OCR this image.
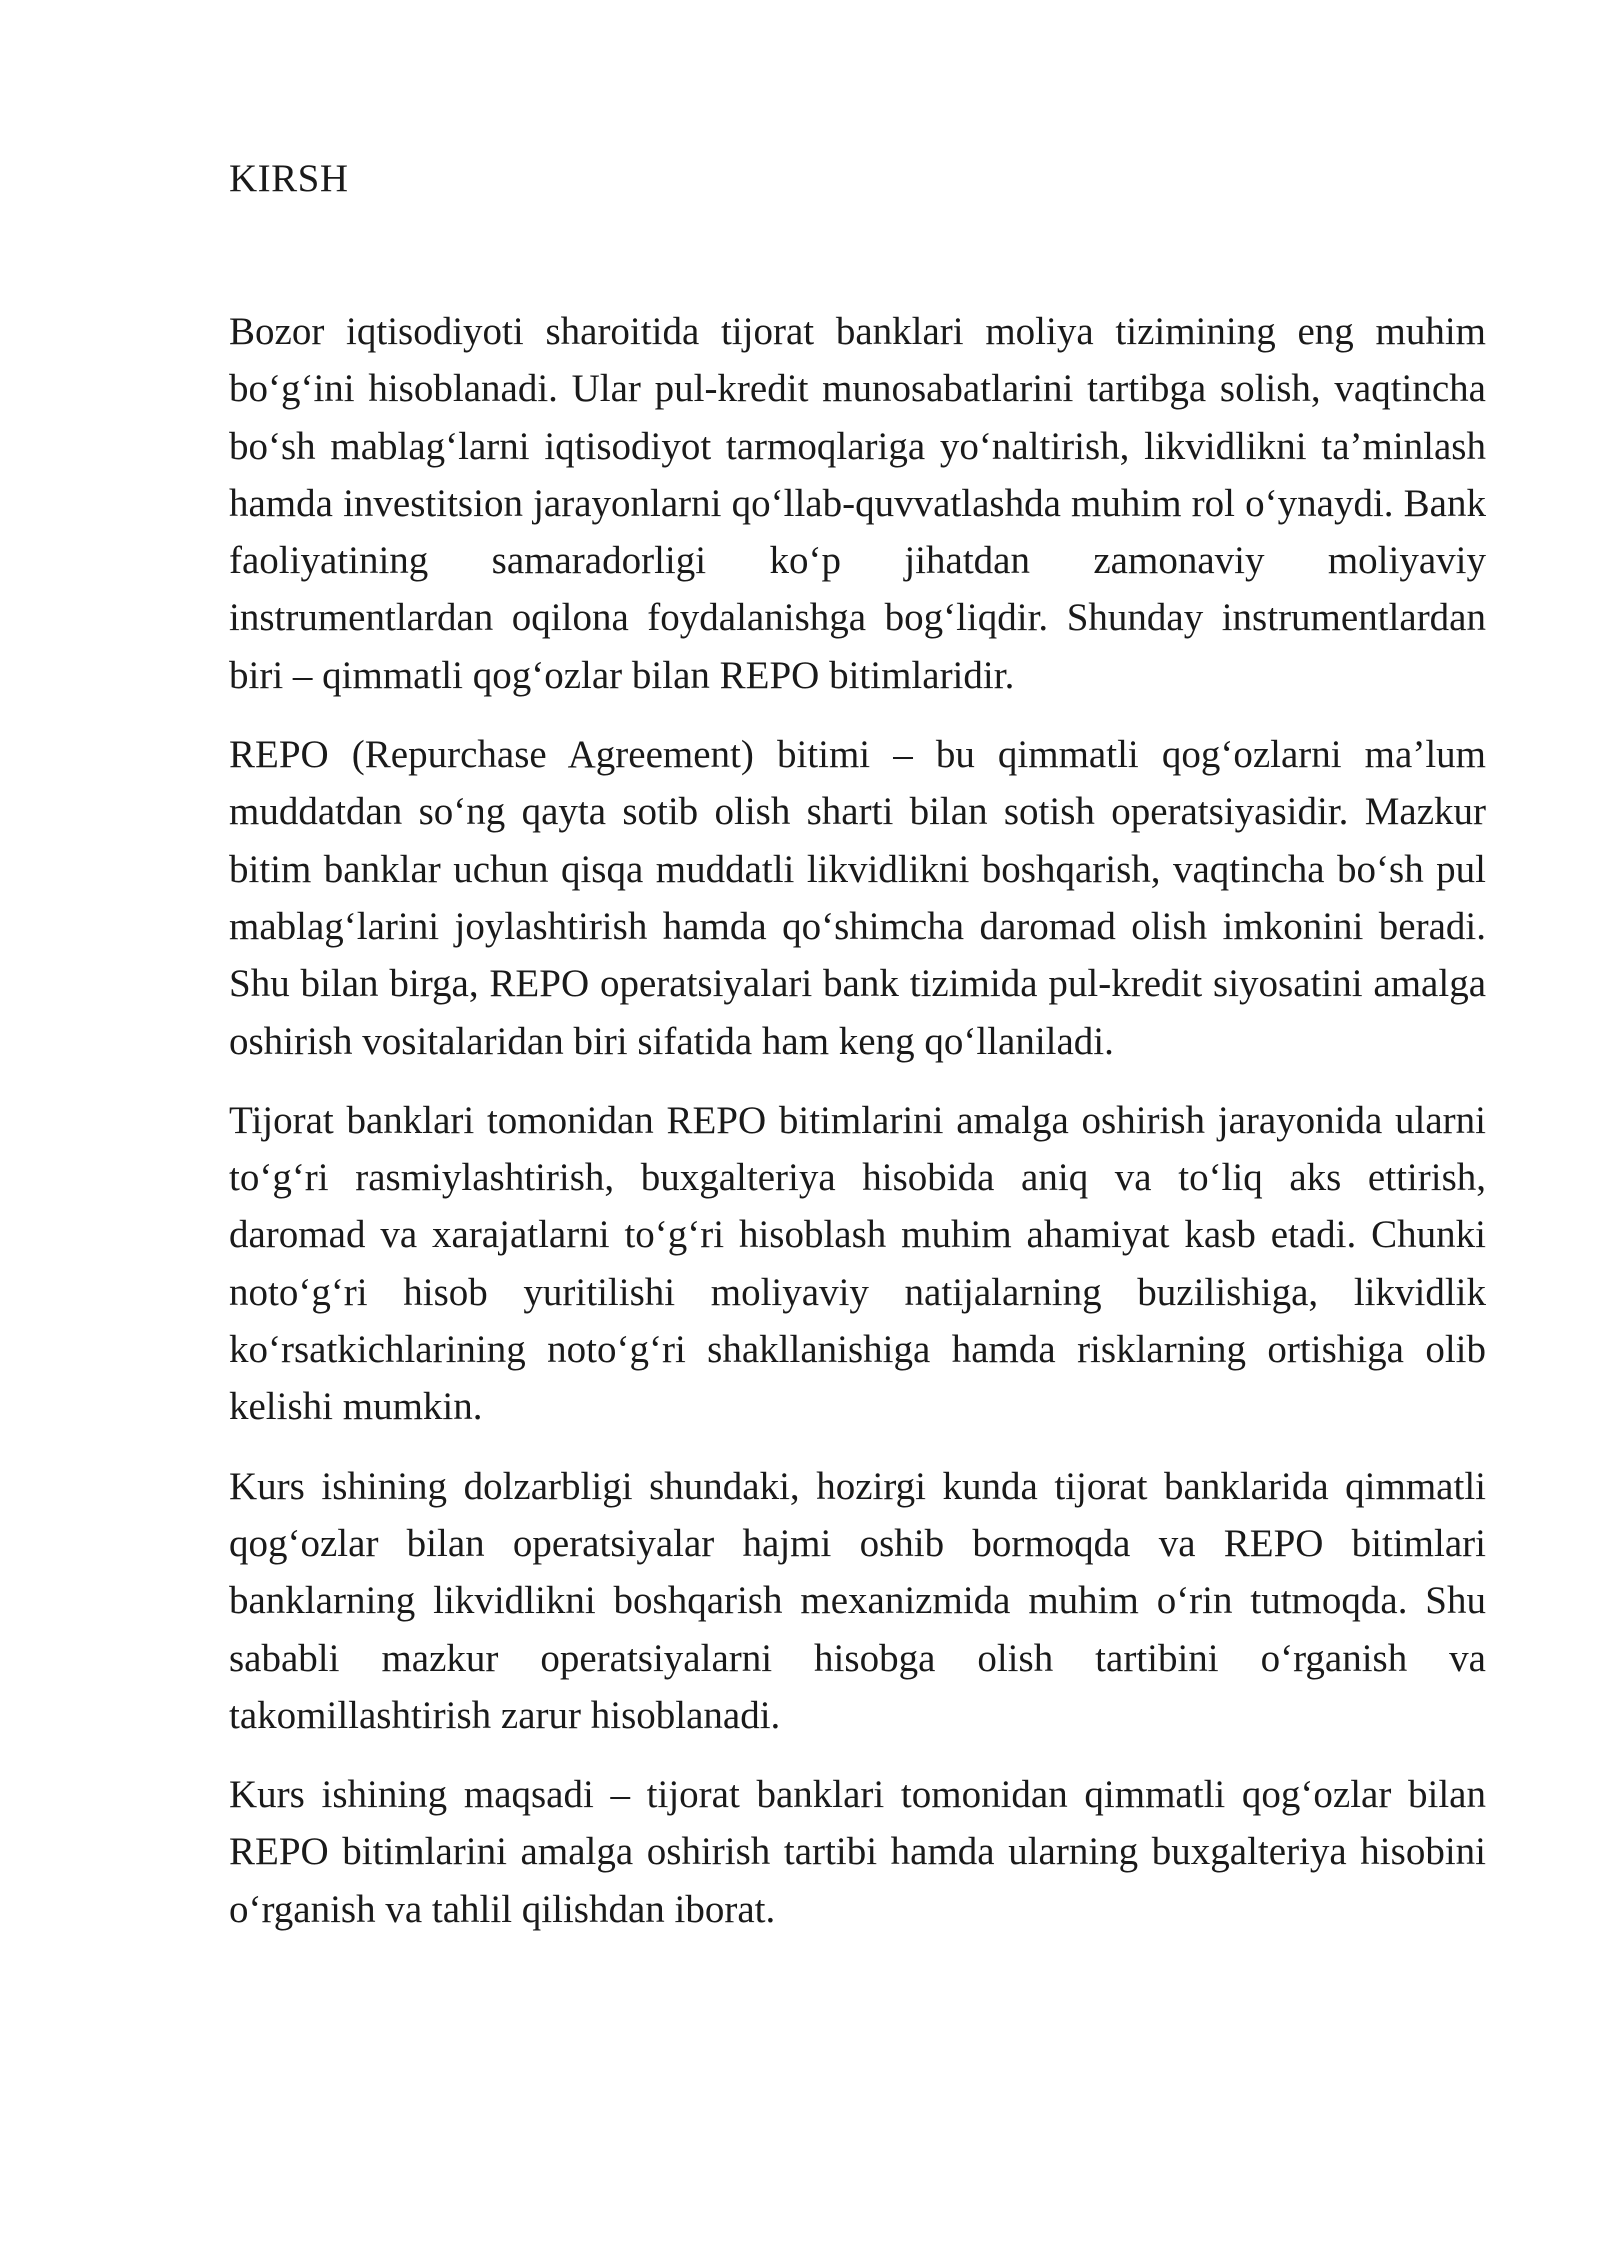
KIRSH

Bozor iqtisodiyoti sharoitida tijorat banklari moliya tizimining eng muhim bo‘g‘ini hisoblanadi. Ular pul-kredit munosabatlarini tartibga solish, vaqtincha bo‘sh mablag‘larni iqtisodiyot tarmoqlariga yo‘naltirish, likvidlikni ta’minlash hamda investitsion jarayonlarni qo‘llab-quvvatlashda muhim rol o‘ynaydi. Bank faoliyatining samaradorligi ko‘p jihatdan zamonaviy moliyaviy instrumentlardan oqilona foydalanishga bog‘liqdir. Shunday instrumentlardan biri – qimmatli qog‘ozlar bilan REPO bitimlaridir.

REPO (Repurchase Agreement) bitimi – bu qimmatli qog‘ozlarni ma’lum muddatdan so‘ng qayta sotib olish sharti bilan sotish operatsiyasidir. Mazkur bitim banklar uchun qisqa muddatli likvidlikni boshqarish, vaqtincha bo‘sh pul mablag‘larini joylashtirish hamda qo‘shimcha daromad olish imkonini beradi. Shu bilan birga, REPO operatsiyalari bank tizimida pul-kredit siyosatini amalga oshirish vositalaridan biri sifatida ham keng qo‘llaniladi.

Tijorat banklari tomonidan REPO bitimlarini amalga oshirish jarayonida ularni to‘g‘ri rasmiylashtirish, buxgalteriya hisobida aniq va to‘liq aks ettirish, daromad va xarajatlarni to‘g‘ri hisoblash muhim ahamiyat kasb etadi. Chunki noto‘g‘ri hisob yuritilishi moliyaviy natijalarning buzilishiga, likvidlik ko‘rsatkichlarining noto‘g‘ri shakllanishiga hamda risklarning ortishiga olib kelishi mumkin.

Kurs ishining dolzarbligi shundaki, hozirgi kunda tijorat banklarida qimmatli qog‘ozlar bilan operatsiyalar hajmi oshib bormoqda va REPO bitimlari banklarning likvidlikni boshqarish mexanizmida muhim o‘rin tutmoqda. Shu sababli mazkur operatsiyalarni hisobga olish tartibini o‘rganish va takomillashtirish zarur hisoblanadi.

Kurs ishining maqsadi – tijorat banklari tomonidan qimmatli qog‘ozlar bilan REPO bitimlarini amalga oshirish tartibi hamda ularning buxgalteriya hisobini o‘rganish va tahlil qilishdan iborat.
